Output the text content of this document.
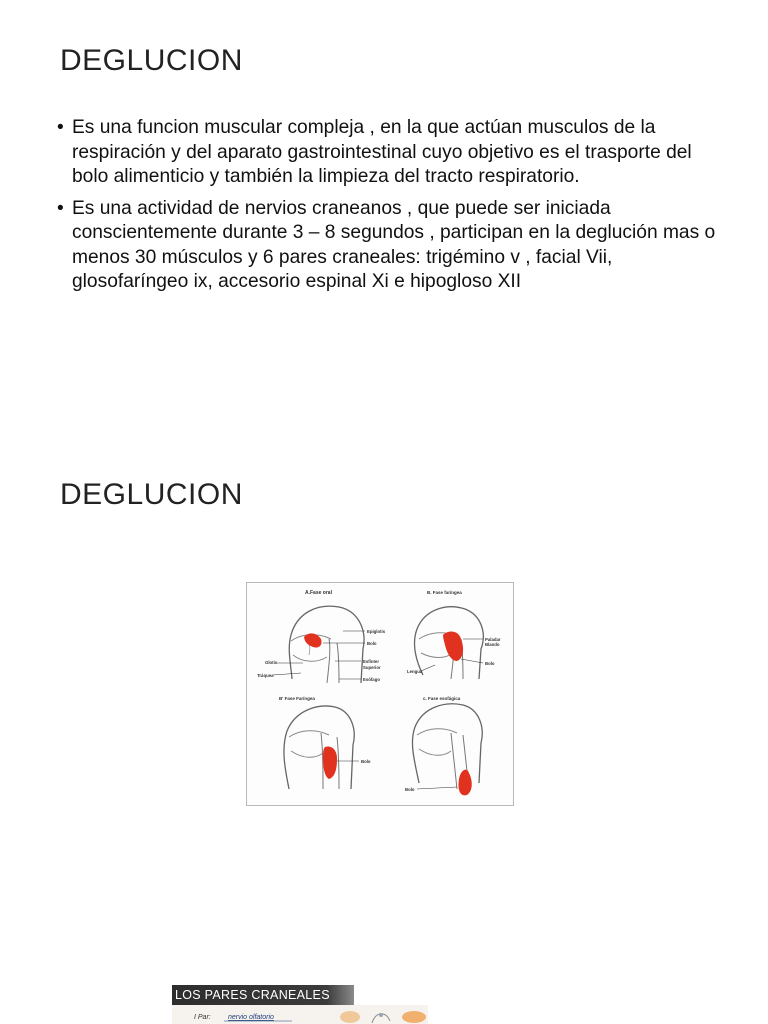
DEGLUCION
• Es una funcion muscular compleja , en la que actúan musculos de la respiración y del aparato gastrointestinal cuyo objetivo es el trasporte del bolo alimenticio y también la limpieza del tracto respiratorio.
• Es una actividad de nervios craneanos , que puede ser iniciada conscientemente durante 3 – 8 segundos , participan en la deglución mas o menos 30 músculos y 6 pares craneales: trigémino v , facial Vii, glosofaríngeo ix, accesorio espinal Xi e hipogloso XII
DEGLUCION
A.Fase oral
Epiglotis
Bolo
Glotis	Esfínter
Superior
Tráquea
Esófago
B. Fase faríngea
Paladar
Blando
Lengua
Bolo
B' Fase Faríngea
Bolo
c. Fase esofágica
Bolo
LOS PARES CRANEALES
I Par: nervio olfatorio
